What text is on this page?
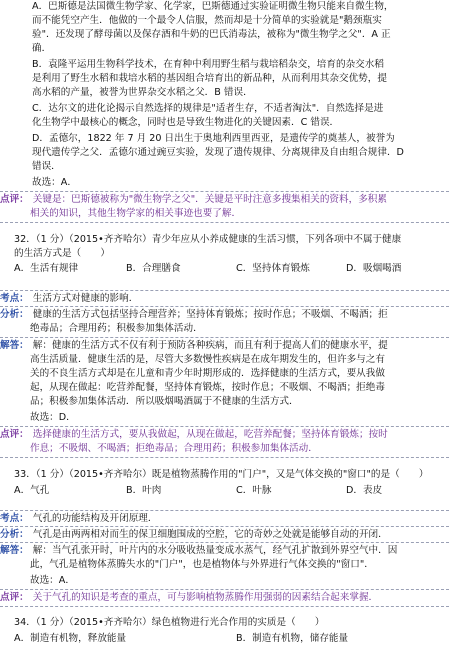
A．巴斯德是法国微生物学家、化学家，巴斯德通过实验证明微生物只能来自微生物，
而不能凭空产生．他做的一个最令人信服，然而却是十分简单的实验就是"鹅颈瓶实
验"．还发现了酵母菌以及保存酒和牛奶的巴氏消毒法，被称为"微生物学之父"．A 正
确．
B．袁隆平运用生物科学技术，在育种中利用野生稻与栽培稻杂交，培育的杂交水稻
是利用了野生水稻和栽培水稻的基因组合培育出的新品种，从而利用其杂交优势，提
高水稻的产量，被誉为世界杂交水稻之父．B 错误．
C．达尔文的进化论揭示自然选择的规律是"适者生存，不适者淘汰"．自然选择是进
化生物学中最核心的概念，同时也是导致生物进化的关键因素．C 错误．
D．孟德尔，1822 年 7 月 20 日出生于奥地利西里西亚，是遗传学的奠基人，被誉为
现代遗传学之父．孟德尔通过豌豆实验，发现了遗传规律、分离规律及自由组合规律．D
错误．
故选：A．
点评： 关键是：巴斯德被称为"微生物学之父"．关键是平时注意多搜集相关的资料，多积累
相关的知识，其他生物学家的相关事迹也要了解．
32．（1 分）（2015•齐齐哈尔）青少年应从小养成健康的生活习惯，下列各项中不属于健康
的生活方式是（　　）
A．生活有规律	B．合理膳食	C．坚持体育锻炼	D．吸烟喝酒
考点： 生活方式对健康的影响．
分析： 健康的生活方式包括坚持合理营养；坚持体育锻炼；按时作息；不吸烟、不喝酒；拒
绝毒品；合理用药；积极参加集体活动．
解答： 解：健康的生活方式不仅有利于预防各种疾病，而且有利于提高人们的健康水平，提
高生活质量．健康生活的是，尽管大多数慢性疾病是在成年期发生的，但许多与之有
关的不良生活方式却是在儿童和青少年时期形成的．选择健康的生活方式，要从我做
起，从现在做起：吃营养配餐，坚持体育锻炼，按时作息；不吸烟、不喝酒；拒绝毒
品；积极参加集体活动．所以吸烟喝酒属于不健康的生活方式．
故选：D．
点评： 选择健康的生活方式，要从我做起，从现在做起，吃营养配餐；坚持体育锻炼；按时
作息；不吸烟、不喝酒；拒绝毒品；合理用药；积极参加集体活动．
33．（1 分）（2015•齐齐哈尔）既是植物蒸腾作用的"门户"，又是气体交换的"窗口"的是（　　）
A．气孔	B．叶肉	C．叶脉	D．表皮
考点： 气孔的功能结构及开闭原理．
分析： 气孔是由两两相对而生的保卫细胞围成的空腔，它的奇妙之处就是能够自动的开闭．
解答： 解：当气孔张开时，叶片内的水分吸收热量变成水蒸气，经气孔扩散到外界空气中．因
此，气孔是植物体蒸腾失水的"门户"，也是植物体与外界进行气体交换的"窗口"．
故选：A．
点评： 关于气孔的知识是考查的重点，可与影响植物蒸腾作用强弱的因素结合起来掌握．
34．（1 分）（2015•齐齐哈尔）绿色植物进行光合作用的实质是（　　）
A．制造有机物，释放能量	B．制造有机物，储存能量
